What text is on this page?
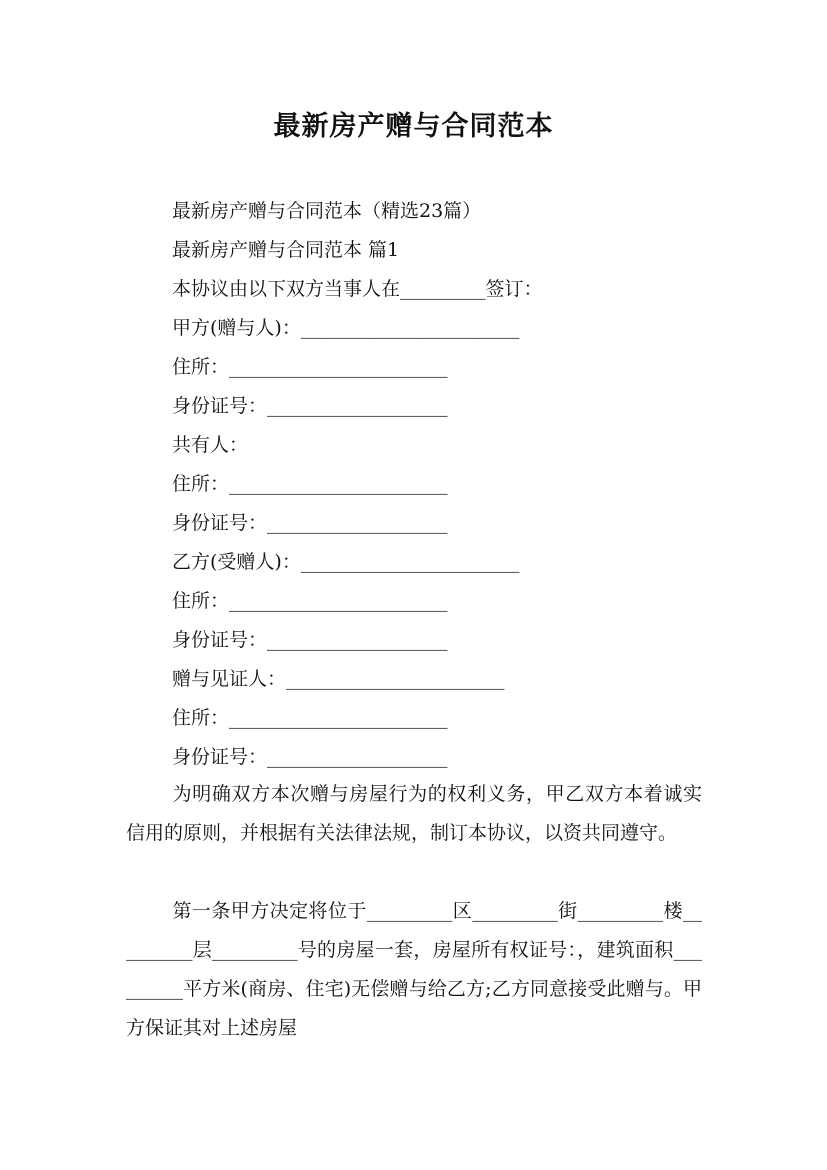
最新房产赠与合同范本
最新房产赠与合同范本（精选23篇）
最新房产赠与合同范本 篇1
本协议由以下双方当事人在_________签订：
甲方(赠与人)：_______________________
住所：_______________________
身份证号：___________________
共有人：
住所：_______________________
身份证号：___________________
乙方(受赠人)：_______________________
住所：_______________________
身份证号：___________________
赠与见证人：_______________________
住所：_______________________
身份证号：___________________
为明确双方本次赠与房屋行为的权利义务，甲乙双方本着诚实信用的原则，并根据有关法律法规，制订本协议，以资共同遵守。
第一条甲方决定将位于_________区_________街_________楼_________层_________号的房屋一套，房屋所有权证号：，建筑面积_________平方米(商房、住宅)无偿赠与给乙方;乙方同意接受此赠与。甲方保证其对上述房屋
